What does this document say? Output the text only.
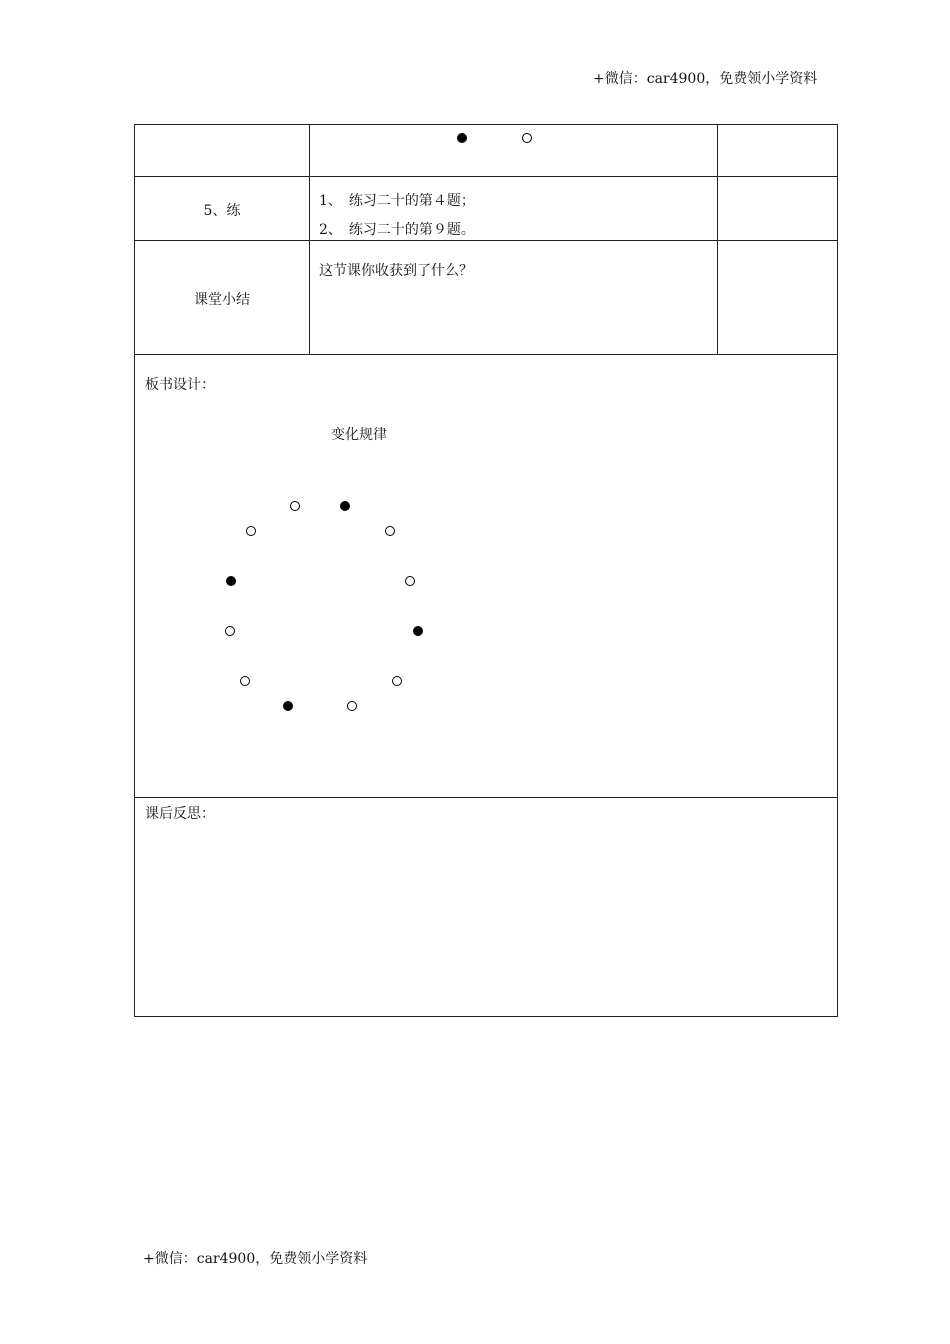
+微信：car4900，免费领小学资料
5、练
1、　练习二十的第４题；
2、　练习二十的第９题。
课堂小结
这节课你收获到了什么？
板书设计：
变化规律
课后反思：
+微信：car4900，免费领小学资料
